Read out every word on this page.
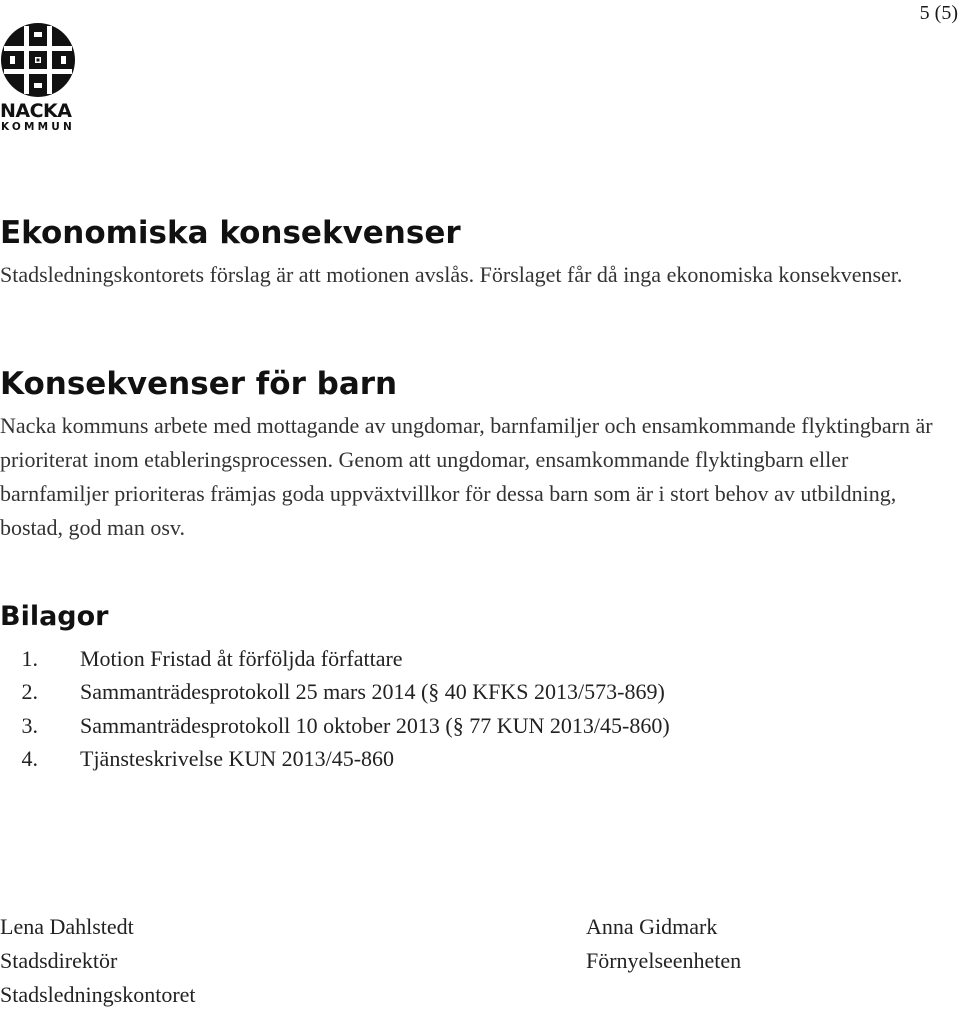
5 (5)
NACKA
KOMMUN
Ekonomiska konsekvenser

Stadsledningskontorets förslag är att motionen avslås. Förslaget får då inga ekonomiska konsekvenser.

Konsekvenser för barn

Nacka kommuns arbete med mottagande av ungdomar, barnfamiljer och ensamkommande flyktingbarn är prioriterat inom etableringsprocessen. Genom att ungdomar, ensamkommande flyktingbarn eller barnfamiljer prioriteras främjas goda uppväxtvillkor för dessa barn som är i stort behov av utbildning, bostad, god man osv.

Bilagor
1. Motion Fristad åt förföljda författare
2. Sammanträdesprotokoll 25 mars 2014 (§ 40 KFKS 2013/573-869)
3. Sammanträdesprotokoll 10 oktober 2013 (§ 77 KUN 2013/45-860)
4. Tjänsteskrivelse KUN 2013/45-860
Lena Dahlstedt
Stadsdirektör
Stadsledningskontoret
Anna Gidmark
Förnyelseenheten
